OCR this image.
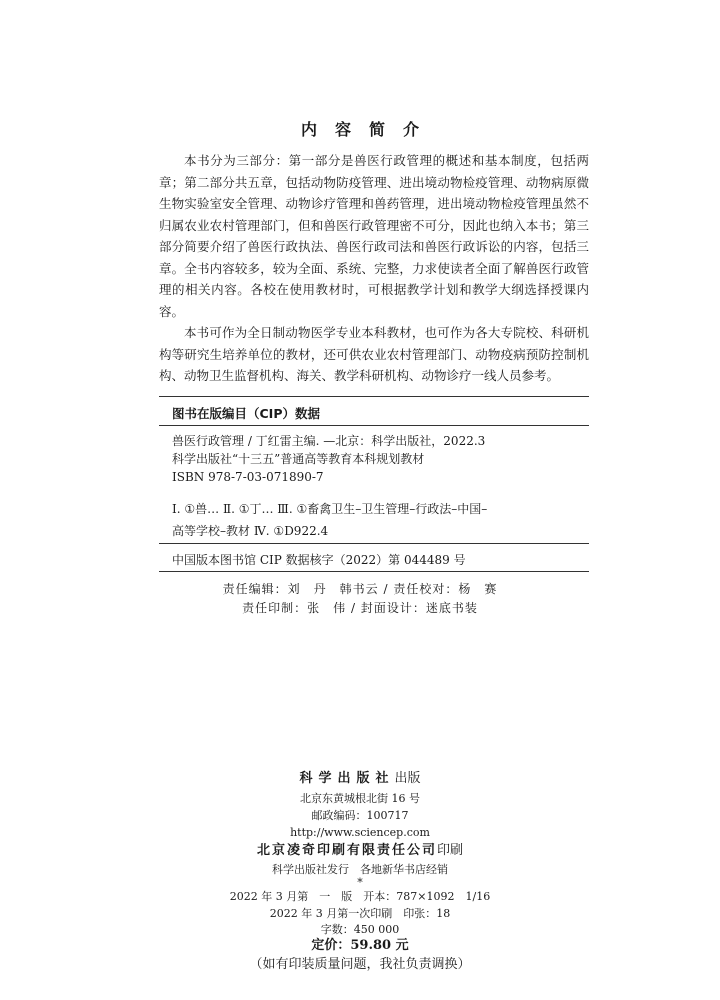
内容简介

本书分为三部分：第一部分是兽医行政管理的概述和基本制度，包括两章；第二部分共五章，包括动物防疫管理、进出境动物检疫管理、动物病原微生物实验室安全管理、动物诊疗管理和兽药管理，进出境动物检疫管理虽然不归属农业农村管理部门，但和兽医行政管理密不可分，因此也纳入本书；第三部分简要介绍了兽医行政执法、兽医行政司法和兽医行政诉讼的内容，包括三章。全书内容较多，较为全面、系统、完整，力求使读者全面了解兽医行政管理的相关内容。各校在使用教材时，可根据教学计划和教学大纲选择授课内容。

本书可作为全日制动物医学专业本科教材，也可作为各大专院校、科研机构等研究生培养单位的教材，还可供农业农村管理部门、动物疫病预防控制机构、动物卫生监督机构、海关、教学科研机构、动物诊疗一线人员参考。

图书在版编目（CIP）数据
兽医行政管理 / 丁红雷主编. —北京：科学出版社，2022.3
科学出版社“十三五”普通高等教育本科规划教材
ISBN 978-7-03-071890-7
Ⅰ. ①兽… Ⅱ. ①丁… Ⅲ. ①畜禽卫生–卫生管理–行政法–中国–
高等学校–教材 Ⅳ. ①D922.4
中国版本图书馆 CIP 数据核字（2022）第 044489 号
责任编辑：刘　丹　韩书云 / 责任校对：杨　赛
责任印制：张　伟 / 封面设计：迷底书装
科学出版社出版
北京东黄城根北街 16 号
邮政编码：100717
http://www.sciencep.com
北京凌奇印刷有限责任公司印刷
科学出版社发行　各地新华书店经销
*
2022 年 3 月第　一　版　开本：787×1092　1/16
2022 年 3 月第一次印刷　印张：18
字数：450 000
定价：59.80 元
（如有印装质量问题，我社负责调换）
